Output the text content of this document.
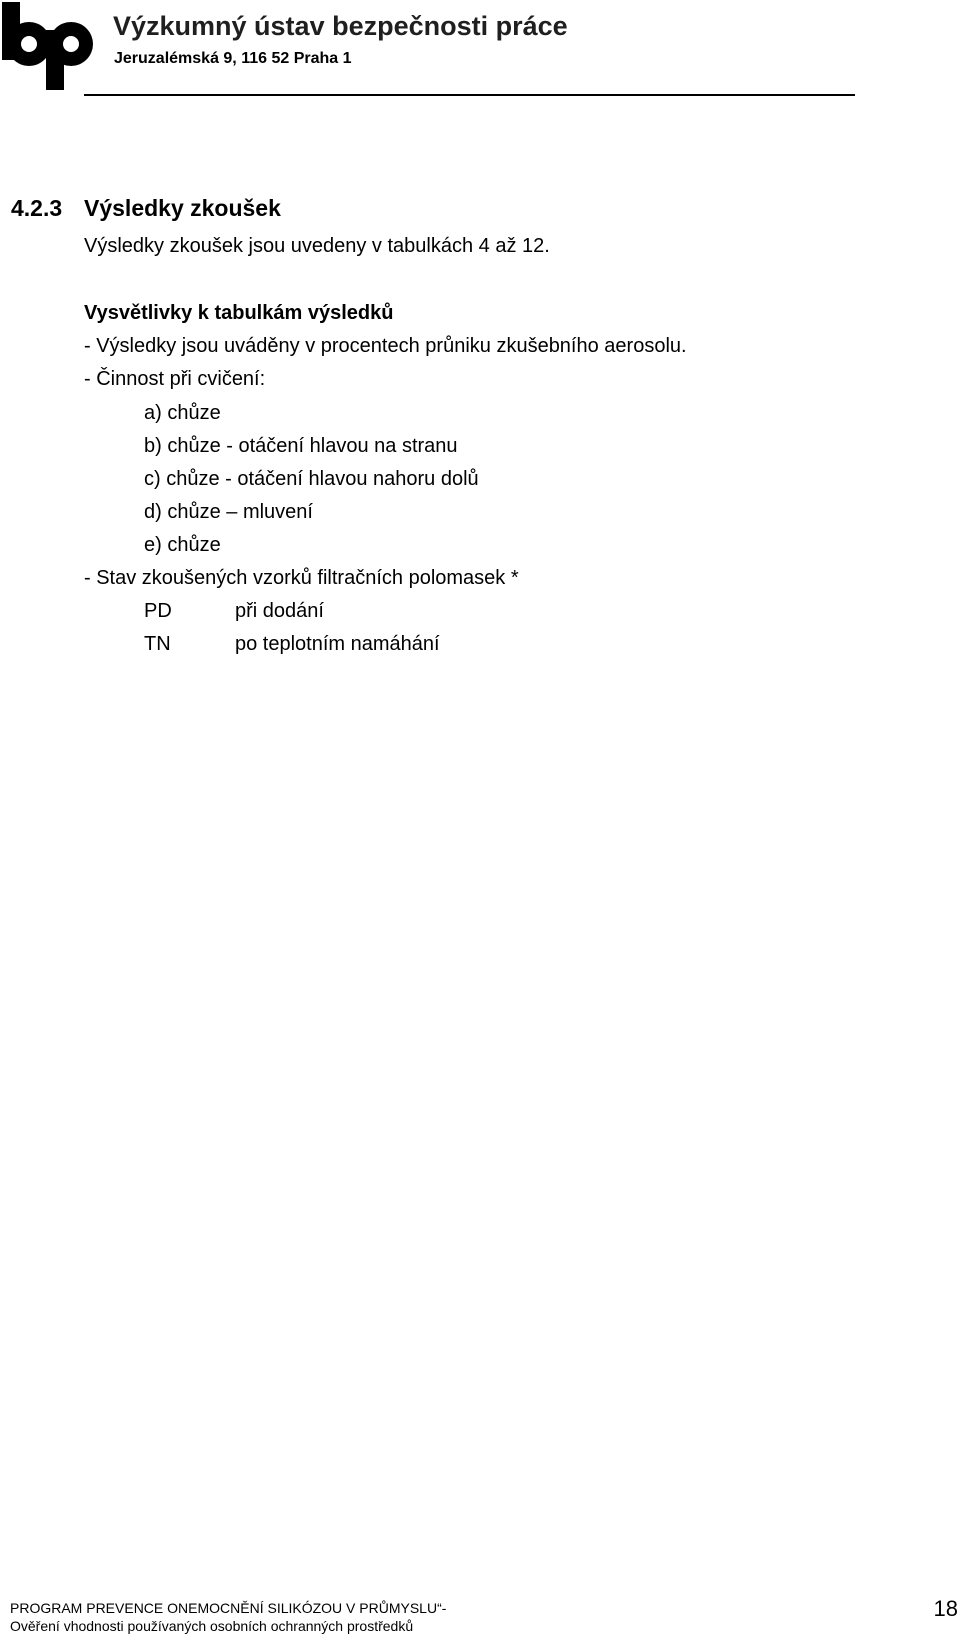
Výzkumný ústav bezpečnosti práce
Jeruzalémská 9, 116 52 Praha 1
4.2.3 Výsledky zkoušek
Výsledky zkoušek jsou uvedeny v tabulkách 4 až 12.
Vysvětlivky k tabulkám výsledků
- Výsledky jsou uváděny v procentech průniku zkušebního aerosolu.
- Činnost při cvičení:
a) chůze
b) chůze - otáčení hlavou na stranu
c) chůze - otáčení hlavou nahoru dolů
d) chůze – mluvení
e) chůze
- Stav zkoušených vzorků filtračních polomasek *
PD	při dodání
TN	po teplotním namáhání
PROGRAM PREVENCE ONEMOCNĚNÍ SILIKÓZOU V PRŮMYSLU“-
Ověření vhodnosti používaných osobních ochranných prostředků
18
